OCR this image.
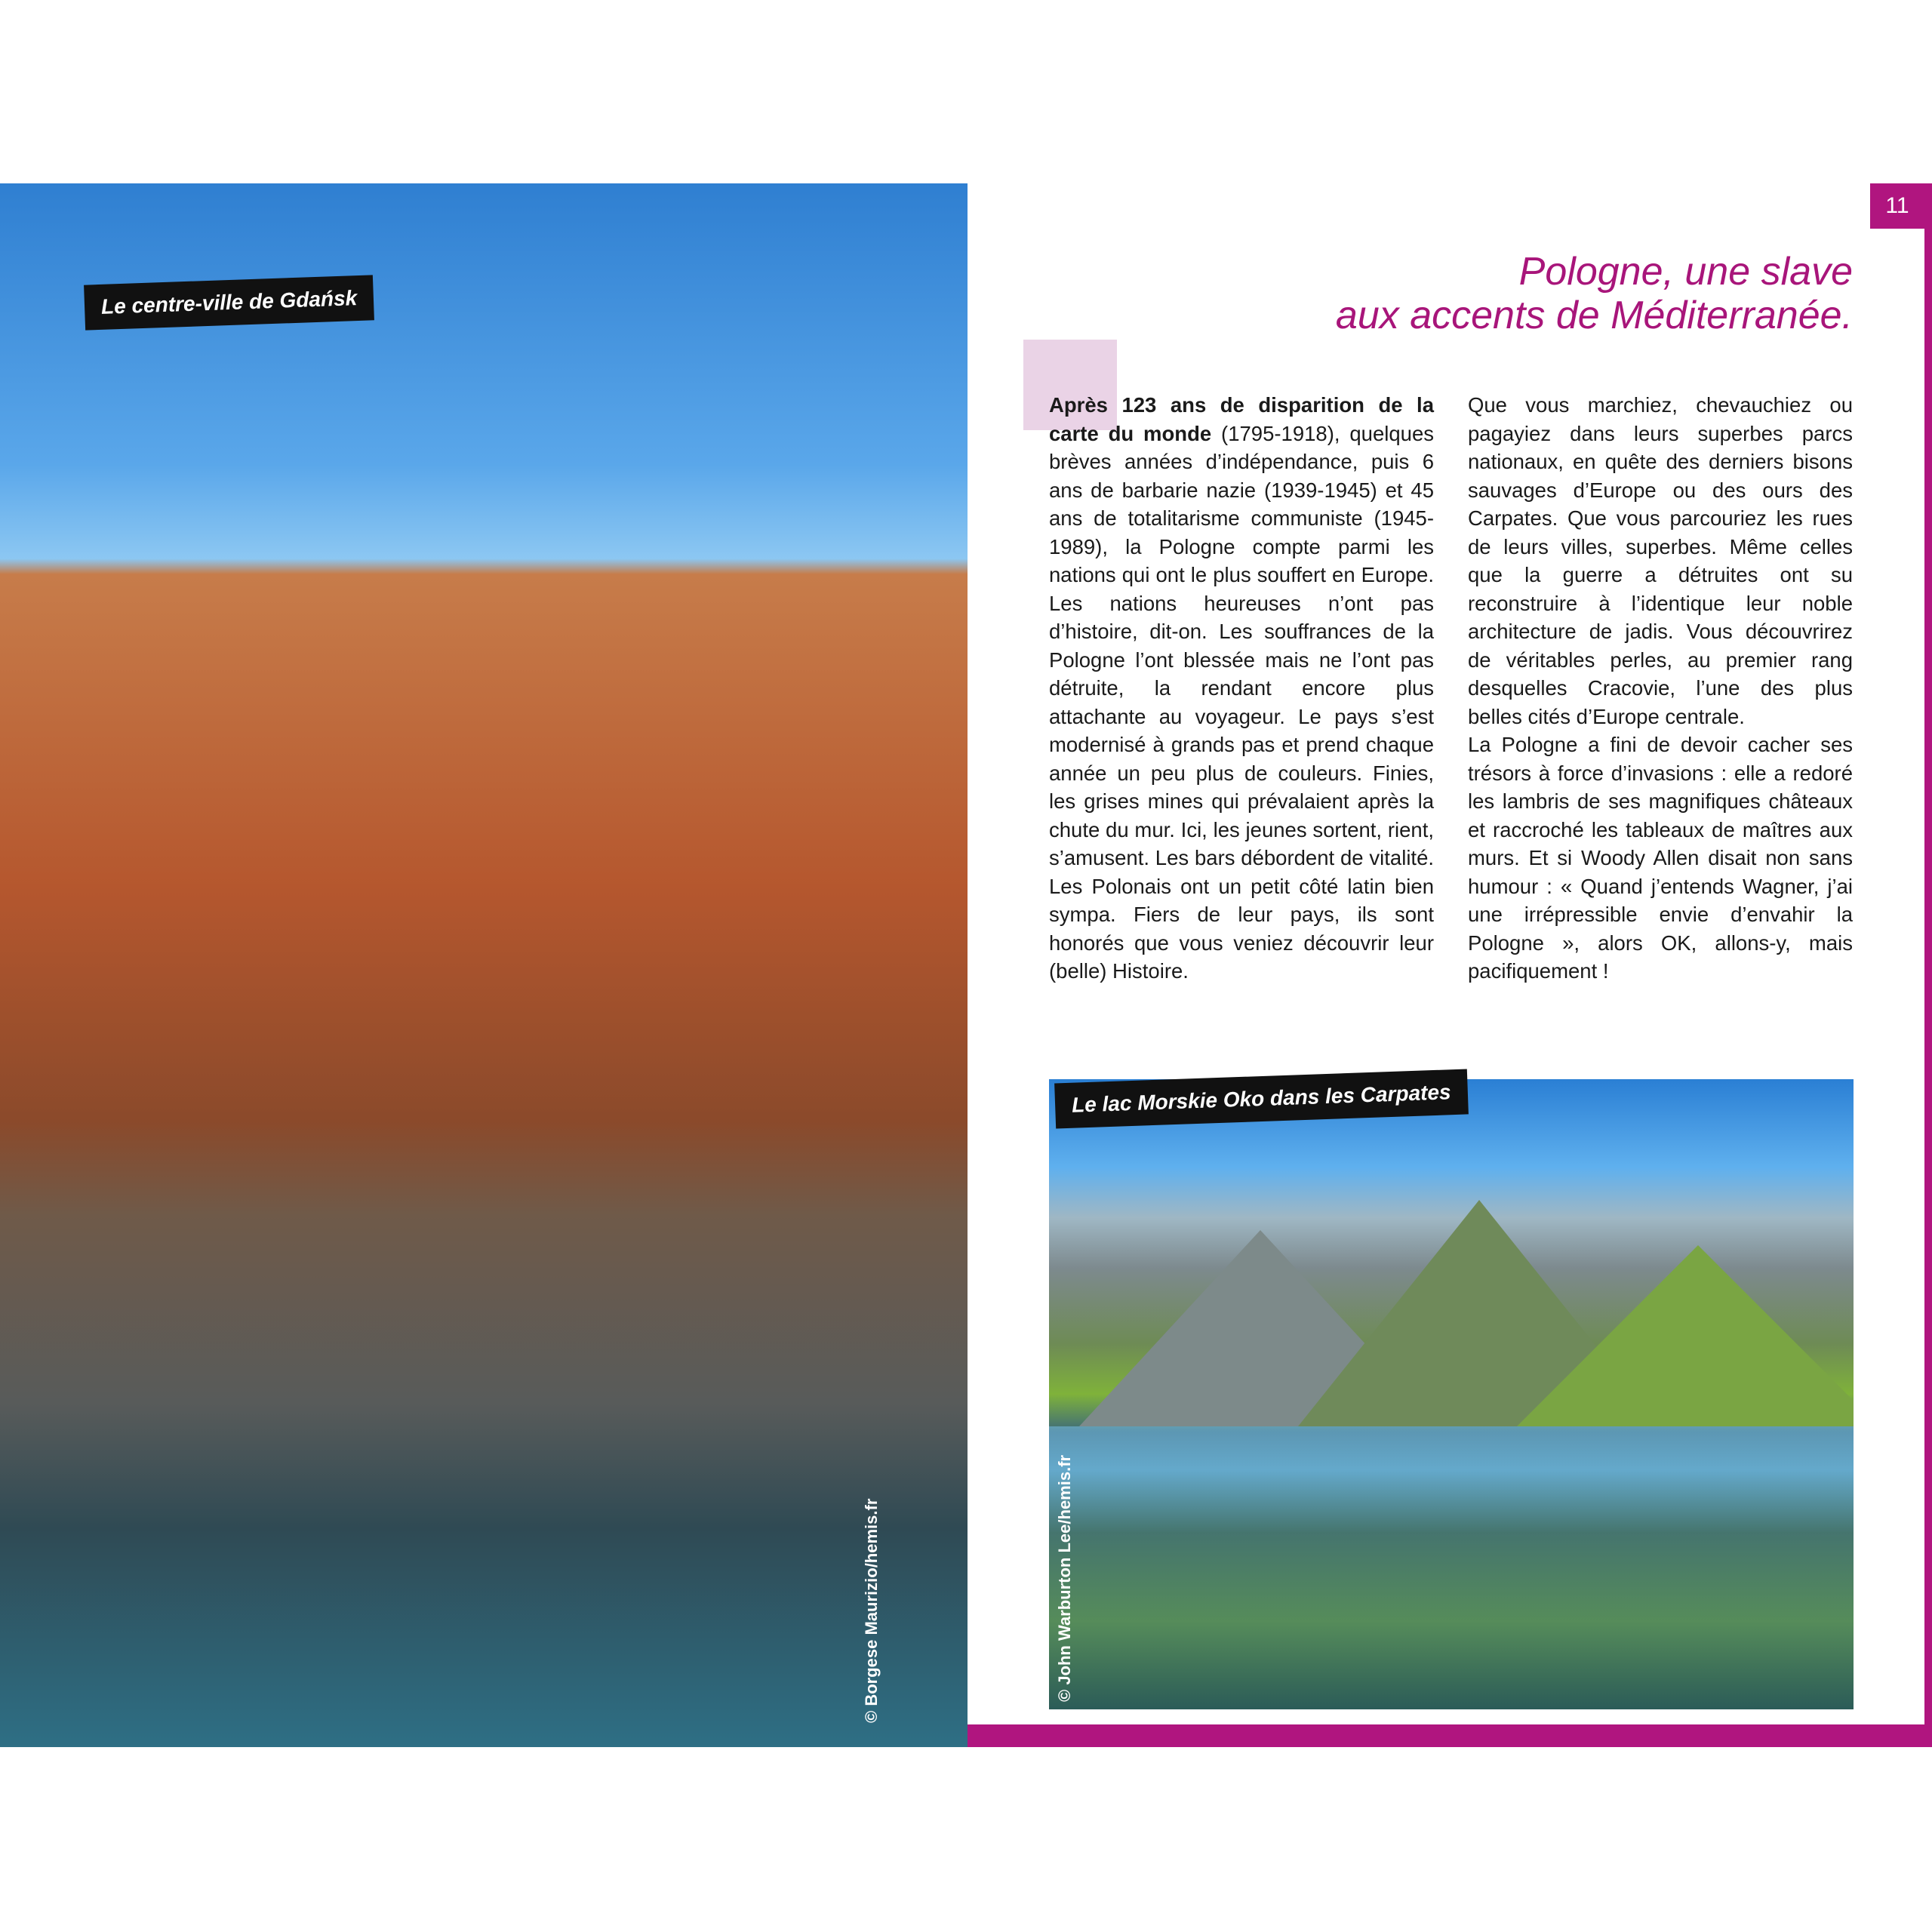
Le centre-ville de Gdańsk
© Borgese Maurizio/hemis.fr
11
Pologne, une slave
aux accents de Méditerranée.

Après 123 ans de disparition de la carte du monde (1795-1918), quelques brèves années d’indépendance, puis 6 ans de barbarie nazie (1939-1945) et 45 ans de totalitarisme communiste (1945-1989), la Pologne compte parmi les nations qui ont le plus souffert en Europe. Les nations heureuses n’ont pas d’histoire, dit-on. Les souffrances de la Pologne l’ont blessée mais ne l’ont pas détruite, la rendant encore plus attachante au voyageur. Le pays s’est modernisé à grands pas et prend chaque année un peu plus de couleurs. Finies, les grises mines qui prévalaient après la chute du mur. Ici, les jeunes sortent, rient, s’amusent. Les bars débordent de vitalité. Les Polonais ont un petit côté latin bien sympa. Fiers de leur pays, ils sont honorés que vous veniez découvrir leur (belle) Histoire.

Que vous marchiez, chevauchiez ou pagayiez dans leurs superbes parcs nationaux, en quête des derniers bisons sauvages d’Europe ou des ours des Carpates. Que vous parcouriez les rues de leurs villes, superbes. Même celles que la guerre a détruites ont su reconstruire à l’identique leur noble architecture de jadis. Vous découvrirez de véritables perles, au premier rang desquelles Cracovie, l’une des plus belles cités d’Europe centrale.

La Pologne a fini de devoir cacher ses trésors à force d’invasions : elle a redoré les lambris de ses magnifiques châteaux et raccroché les tableaux de maîtres aux murs. Et si Woody Allen disait non sans humour : « Quand j’entends Wagner, j’ai une irrépressible envie d’envahir la Pologne », alors OK, allons-y, mais pacifiquement !

© John Warburton Lee/hemis.fr
Le lac Morskie Oko dans les Carpates
